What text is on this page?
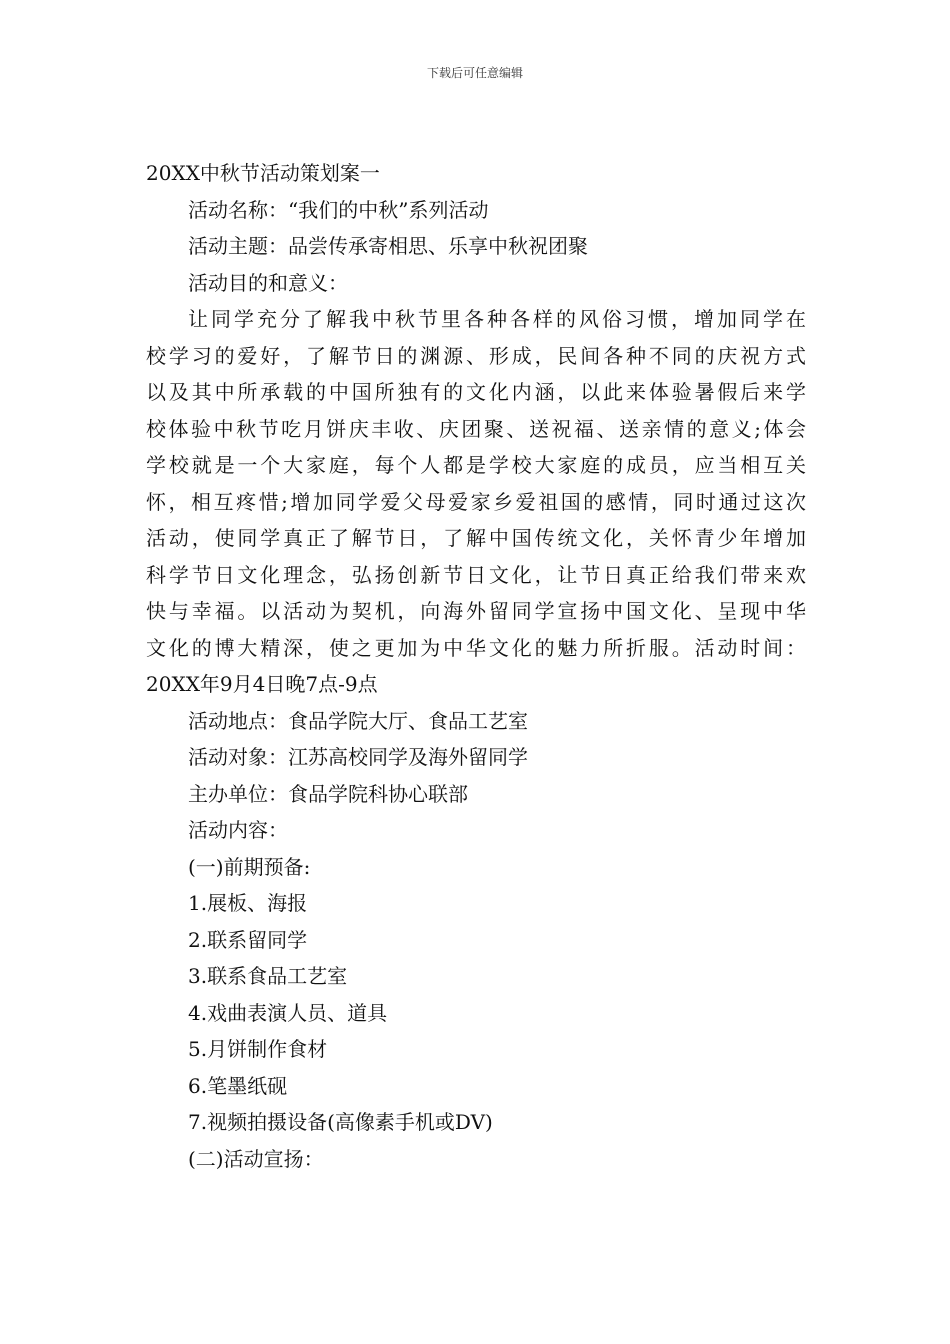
下载后可任意编辑
20XX中秋节活动策划案一
活动名称：“我们的中秋”系列活动
活动主题：品尝传承寄相思、乐享中秋祝团聚
活动目的和意义：
让同学充分了解我中秋节里各种各样的风俗习惯，增加同学在
校学习的爱好，了解节日的渊源、形成，民间各种不同的庆祝方式
以及其中所承载的中国所独有的文化内涵，以此来体验暑假后来学
校体验中秋节吃月饼庆丰收、庆团聚、送祝福、送亲情的意义;体会
学校就是一个大家庭，每个人都是学校大家庭的成员，应当相互关
怀，相互疼惜;增加同学爱父母爱家乡爱祖国的感情，同时通过这次
活动，使同学真正了解节日，了解中国传统文化，关怀青少年增加
科学节日文化理念，弘扬创新节日文化，让节日真正给我们带来欢
快与幸福。以活动为契机，向海外留同学宣扬中国文化、呈现中华
文化的博大精深，使之更加为中华文化的魅力所折服。活动时间：
20XX年9月4日晚7点-9点
活动地点：食品学院大厅、食品工艺室
活动对象：江苏高校同学及海外留同学
主办单位：食品学院科协心联部
活动内容：
(一)前期预备:
1.展板、海报
2.联系留同学
3.联系食品工艺室
4.戏曲表演人员、道具
5.月饼制作食材
6.笔墨纸砚
7.视频拍摄设备(高像素手机或DV)
(二)活动宣扬：
